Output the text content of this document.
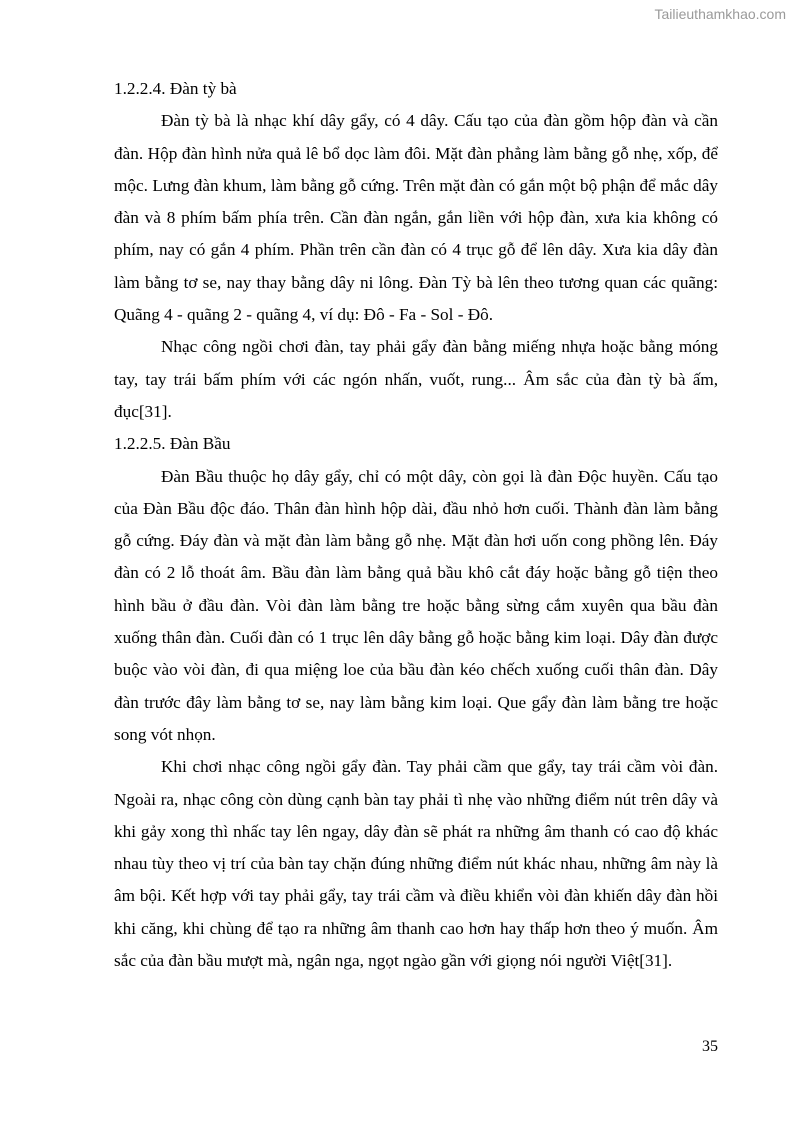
Tailieuthamkhao.com

1.2.2.4. Đàn tỳ bà

Đàn tỳ bà là nhạc khí dây gẩy, có 4 dây. Cấu tạo của đàn gồm hộp đàn và cần đàn. Hộp đàn hình nửa quả lê bổ dọc làm đôi. Mặt đàn phẳng làm bằng gỗ nhẹ, xốp, để mộc. Lưng đàn khum, làm bằng gỗ cứng. Trên mặt đàn có gắn một bộ phận để mắc dây đàn và 8 phím bấm phía trên. Cần đàn ngắn, gắn liền với hộp đàn, xưa kia không có phím, nay có gắn 4 phím. Phần trên cần đàn có 4 trục gỗ để lên dây. Xưa kia dây đàn làm bằng tơ se, nay thay bằng dây ni lông. Đàn Tỳ bà lên theo tương quan các quãng: Quãng 4 - quãng 2 - quãng 4, ví dụ: Đô - Fa - Sol - Đô.

Nhạc công ngồi chơi đàn, tay phải gẩy đàn bằng miếng nhựa hoặc bằng móng tay, tay trái bấm phím với các ngón nhấn, vuốt, rung... Âm sắc của đàn tỳ bà ấm, đục[31].

1.2.2.5. Đàn Bầu

Đàn Bầu thuộc họ dây gẩy, chỉ có một dây, còn gọi là đàn Độc huyền. Cấu tạo của Đàn Bầu độc đáo. Thân đàn hình hộp dài, đầu nhỏ hơn cuối. Thành đàn làm bằng gỗ cứng. Đáy đàn và mặt đàn làm bằng gỗ nhẹ. Mặt đàn hơi uốn cong phồng lên. Đáy đàn có 2 lỗ thoát âm. Bầu đàn làm bằng quả bầu khô cắt đáy hoặc bằng gỗ tiện theo hình bầu ở đầu đàn. Vòi đàn làm bằng tre hoặc bằng sừng cắm xuyên qua bầu đàn xuống thân đàn. Cuối đàn có 1 trục lên dây bằng gỗ hoặc bằng kim loại. Dây đàn được buộc vào vòi đàn, đi qua miệng loe của bầu đàn kéo chếch xuống cuối thân đàn. Dây đàn trước đây làm bằng tơ se, nay làm bằng kim loại. Que gẩy đàn làm bằng tre hoặc song vót nhọn.

Khi chơi nhạc công ngồi gẩy đàn. Tay phải cầm que gẩy, tay trái cầm vòi đàn. Ngoài ra, nhạc công còn dùng cạnh bàn tay phải tì nhẹ vào những điểm nút trên dây và khi gảy xong thì nhấc tay lên ngay, dây đàn sẽ phát ra những âm thanh có cao độ khác nhau tùy theo vị trí của bàn tay chặn đúng những điểm nút khác nhau, những âm này là âm bội. Kết hợp với tay phải gẩy, tay trái cầm và điều khiển vòi đàn khiến dây đàn hồi khi căng, khi chùng để tạo ra những âm thanh cao hơn hay thấp hơn theo ý muốn. Âm sắc của đàn bầu mượt mà, ngân nga, ngọt ngào gần với giọng nói người Việt[31].

35
